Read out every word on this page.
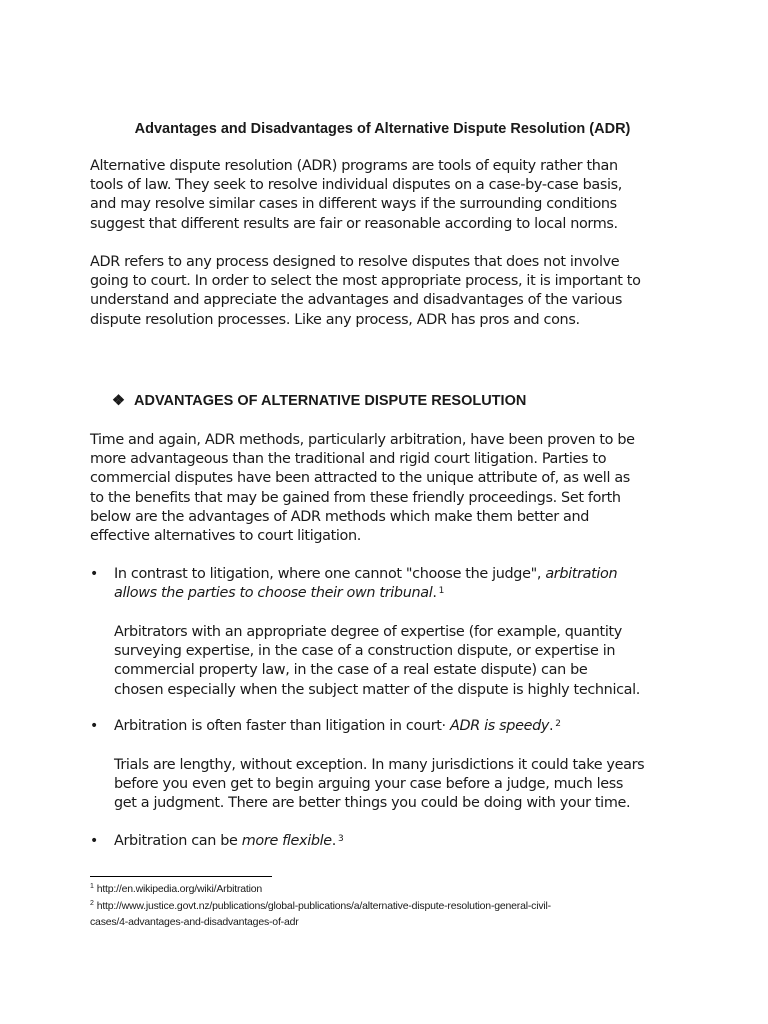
Advantages and Disadvantages of Alternative Dispute Resolution (ADR)
Alternative dispute resolution (ADR) programs are tools of equity rather than
tools of law. They seek to resolve individual disputes on a case-by-case basis,
and may resolve similar cases in different ways if the surrounding conditions
suggest that different results are fair or reasonable according to local norms.
ADR refers to any process designed to resolve disputes that does not involve
going to court. In order to select the most appropriate process, it is important to
understand and appreciate the advantages and disadvantages of the various
dispute resolution processes. Like any process, ADR has pros and cons.
❖ ADVANTAGES OF ALTERNATIVE DISPUTE RESOLUTION
Time and again, ADR methods, particularly arbitration, have been proven to be
more advantageous than the traditional and rigid court litigation. Parties to
commercial disputes have been attracted to the unique attribute of, as well as
to the benefits that may be gained from these friendly proceedings. Set forth
below are the advantages of ADR methods which make them better and
effective alternatives to court litigation.
• In contrast to litigation, where one cannot "choose the judge", arbitration
allows the parties to choose their own tribunal. $^1$
Arbitrators with an appropriate degree of expertise (for example, quantity
surveying expertise, in the case of a construction dispute, or expertise in
commercial property law, in the case of a real estate dispute) can be
chosen especially when the subject matter of the dispute is highly technical.
• Arbitration is often faster than litigation in court· ADR is speedy. $^2$
Trials are lengthy, without exception. In many jurisdictions it could take years
before you even get to begin arguing your case before a judge, much less
get a judgment. There are better things you could be doing with your time.
• Arbitration can be more flexible. $^3$
$^1$ http://en.wikipedia.org/wiki/Arbitration
$^2$ http://www.justice.govt.nz/publications/global-publications/a/alternative-dispute-resolution-general-civil-
cases/4-advantages-and-disadvantages-of-adr
